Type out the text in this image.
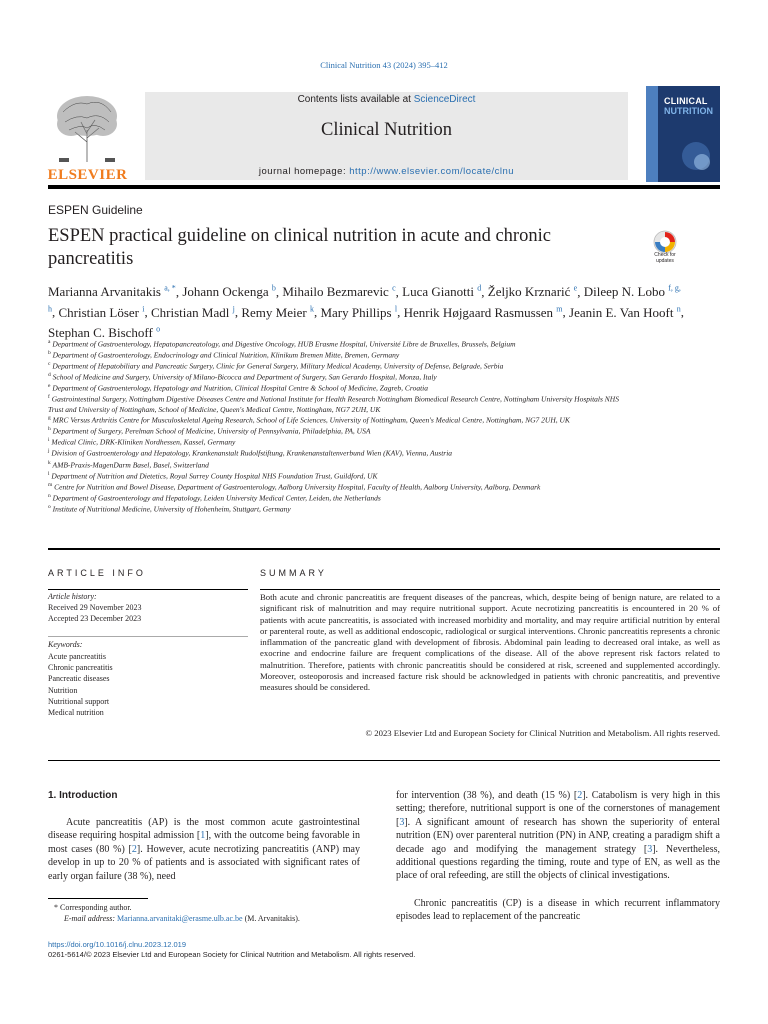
Clinical Nutrition 43 (2024) 395–412
ELSEVIER
Contents lists available at ScienceDirect
Clinical Nutrition
journal homepage: http://www.elsevier.com/locate/clnu
CLINICAL
NUTRITION
ESPEN Guideline
ESPEN practical guideline on clinical nutrition in acute and chronic pancreatitis	Check for updates
Marianna Arvanitakis $^{a, *}$, Johann Ockenga $^b$, Mihailo Bezmarevic $^c$, Luca Gianotti $^d$, Željko Krznarić $^e$, Dileep N. Lobo $^{f, g, h}$, Christian Löser $^i$, Christian Madl $^j$, Remy Meier $^k$, Mary Phillips $^l$, Henrik Højgaard Rasmussen $^m$, Jeanin E. Van Hooft $^n$, Stephan C. Bischoff $^o$

$^a$ Department of Gastroenterology, Hepatopancreatology, and Digestive Oncology, HUB Erasme Hospital, Université Libre de Bruxelles, Brussels, Belgium

$^b$ Department of Gastroenterology, Endocrinology and Clinical Nutrition, Klinikum Bremen Mitte, Bremen, Germany

$^c$ Department of Hepatobiliary and Pancreatic Surgery, Clinic for General Surgery, Military Medical Academy, University of Defense, Belgrade, Serbia

$^d$ School of Medicine and Surgery, University of Milano-Bicocca and Department of Surgery, San Gerardo Hospital, Monza, Italy

$^e$ Department of Gastroenterology, Hepatology and Nutrition, Clinical Hospital Centre & School of Medicine, Zagreb, Croatia

$^f$ Gastrointestinal Surgery, Nottingham Digestive Diseases Centre and National Institute for Health Research Nottingham Biomedical Research Centre, Nottingham University Hospitals NHS Trust and University of Nottingham, School of Medicine, Queen's Medical Centre, Nottingham, NG7 2UH, UK

$^g$ MRC Versus Arthritis Centre for Musculoskeletal Ageing Research, School of Life Sciences, University of Nottingham, Queen's Medical Centre, Nottingham, NG7 2UH, UK

$^h$ Department of Surgery, Perelman School of Medicine, University of Pennsylvania, Philadelphia, PA, USA

$^i$ Medical Clinic, DRK-Kliniken Nordhessen, Kassel, Germany

$^j$ Division of Gastroenterology and Hepatology, Krankenanstalt Rudolfstiftung, Krankenanstaltenverbund Wien (KAV), Vienna, Austria

$^k$ AMB-Praxis-MagenDarm Basel, Basel, Switzerland

$^l$ Department of Nutrition and Dietetics, Royal Surrey County Hospital NHS Foundation Trust, Guildford, UK

$^m$ Centre for Nutrition and Bowel Disease, Department of Gastroenterology, Aalborg University Hospital, Faculty of Health, Aalborg University, Aalborg, Denmark

$^n$ Department of Gastroenterology and Hepatology, Leiden University Medical Center, Leiden, the Netherlands

$^o$ Institute of Nutritional Medicine, University of Hohenheim, Stuttgart, Germany

ARTICLE INFO
Article history:
Received 29 November 2023
Accepted 23 December 2023
Keywords:
Acute pancreatitis
Chronic pancreatitis
Pancreatic diseases
Nutrition
Nutritional support
Medical nutrition
SUMMARY
Both acute and chronic pancreatitis are frequent diseases of the pancreas, which, despite being of benign nature, are related to a significant risk of malnutrition and may require nutritional support. Acute necrotizing pancreatitis is encountered in 20 % of patients with acute pancreatitis, is associated with increased morbidity and mortality, and may require artificial nutrition by enteral or parenteral route, as well as additional endoscopic, radiological or surgical interventions. Chronic pancreatitis represents a chronic inflammation of the pancreatic gland with development of fibrosis. Abdominal pain leading to decreased oral intake, as well as exocrine and endocrine failure are frequent complications of the disease. All of the above represent risk factors related to malnutrition. Therefore, patients with chronic pancreatitis should be considered at risk, screened and supplemented accordingly. Moreover, osteoporosis and increased facture risk should be acknowledged in patients with chronic pancreatitis, and preventive measures should be considered.
© 2023 Elsevier Ltd and European Society for Clinical Nutrition and Metabolism. All rights reserved.
1. Introduction
Acute pancreatitis (AP) is the most common acute gastrointestinal disease requiring hospital admission [1], with the outcome being favorable in most cases (80 %) [2]. However, acute necrotizing pancreatitis (ANP) may develop in up to 20 % of patients and is associated with significant rates of early organ failure (38 %), need
for intervention (38 %), and death (15 %) [2]. Catabolism is very high in this setting; therefore, nutritional support is one of the cornerstones of management [3]. A significant amount of research has shown the superiority of enteral nutrition (EN) over parenteral nutrition (PN) in ANP, creating a paradigm shift a decade ago and modifying the management strategy [3]. Nevertheless, additional questions regarding the timing, route and type of EN, as well as the place of oral refeeding, are still the objects of clinical investigations.
Chronic pancreatitis (CP) is a disease in which recurrent inflammatory episodes lead to replacement of the pancreatic
* Corresponding author.
E-mail address: Marianna.arvanitaki@erasme.ulb.ac.be (M. Arvanitakis).
https://doi.org/10.1016/j.clnu.2023.12.019
0261-5614/© 2023 Elsevier Ltd and European Society for Clinical Nutrition and Metabolism. All rights reserved.
